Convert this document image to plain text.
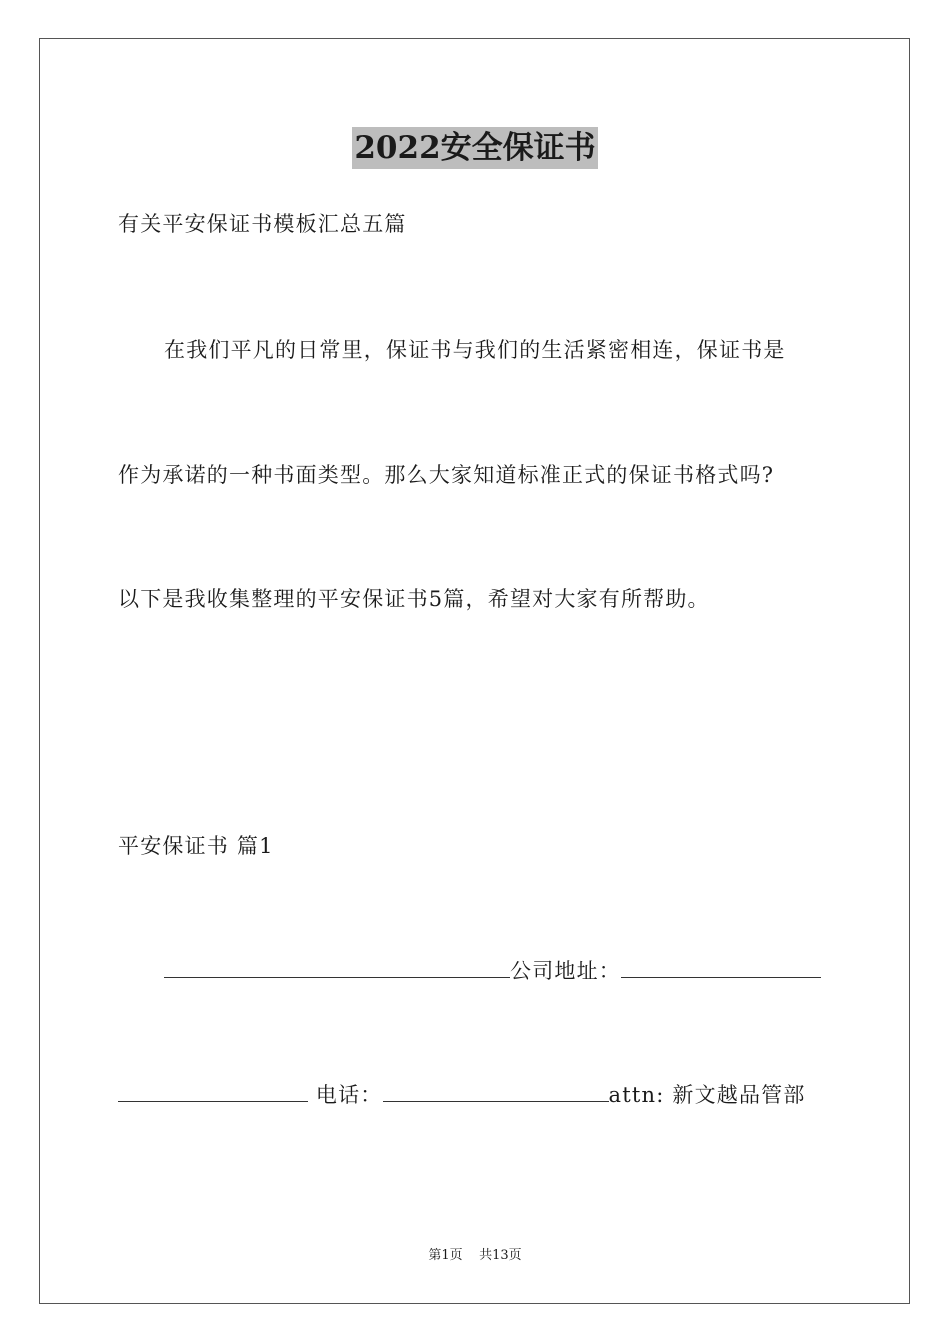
2022安全保证书
有关平安保证书模板汇总五篇
在我们平凡的日常里，保证书与我们的生活紧密相连，保证书是
作为承诺的一种书面类型。那么大家知道标准正式的保证书格式吗?
以下是我收集整理的平安保证书5篇，希望对大家有所帮助。
平安保证书 篇1
公司地址：
电话：	attn: 新文越品管部
第1页 共13页
